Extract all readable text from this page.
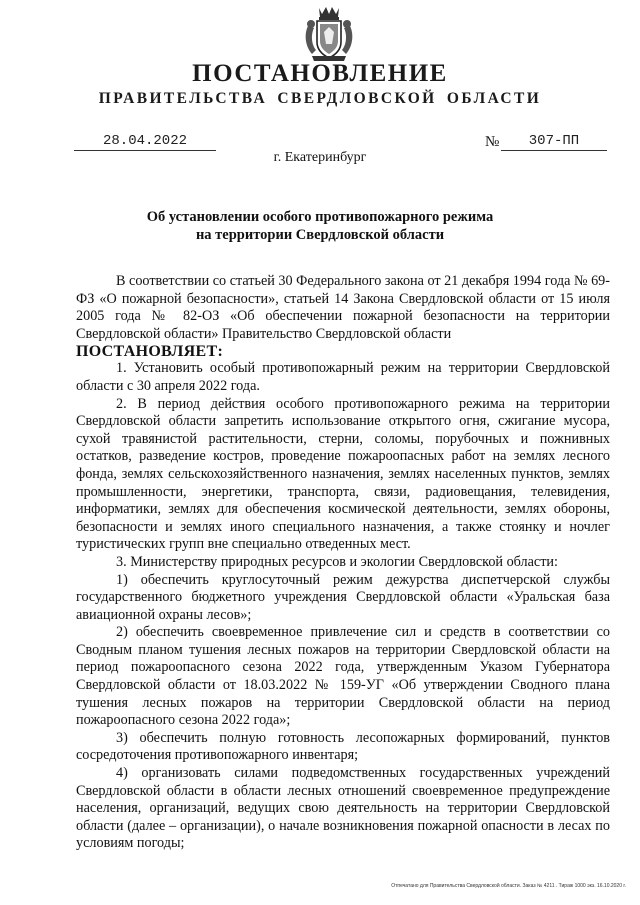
ПОСТАНОВЛЕНИЕ
ПРАВИТЕЛЬСТВА СВЕРДЛОВСКОЙ ОБЛАСТИ
28.04.2022	№	307-ПП
г. Екатеринбург
Об установлении особого противопожарного режима
на территории Свердловской области

В соответствии со статьей 30 Федерального закона от 21 декабря 1994 года № 69-ФЗ «О пожарной безопасности», статьей 14 Закона Свердловской области от 15 июля 2005 года № 82-ОЗ «Об обеспечении пожарной безопасности на территории Свердловской области» Правительство Свердловской области

ПОСТАНОВЛЯЕТ:

1. Установить особый противопожарный режим на территории Свердловской области с 30 апреля 2022 года.

2. В период действия особого противопожарного режима на территории Свердловской области запретить использование открытого огня, сжигание мусора, сухой травянистой растительности, стерни, соломы, порубочных и пожнивных остатков, разведение костров, проведение пожароопасных работ на землях лесного фонда, землях сельскохозяйственного назначения, землях населенных пунктов, землях промышленности, энергетики, транспорта, связи, радиовещания, телевидения, информатики, землях для обеспечения космической деятельности, землях обороны, безопасности и землях иного специального назначения, а также стоянку и ночлег туристических групп вне специально отведенных мест.

3. Министерству природных ресурсов и экологии Свердловской области:

1) обеспечить круглосуточный режим дежурства диспетчерской службы государственного бюджетного учреждения Свердловской области «Уральская база авиационной охраны лесов»;

2) обеспечить своевременное привлечение сил и средств в соответствии со Сводным планом тушения лесных пожаров на территории Свердловской области на период пожароопасного сезона 2022 года, утвержденным Указом Губернатора Свердловской области от 18.03.2022 № 159-УГ «Об утверждении Сводного плана тушения лесных пожаров на территории Свердловской области на период пожароопасного сезона 2022 года»;

3) обеспечить полную готовность лесопожарных формирований, пунктов сосредоточения противопожарного инвентаря;

4) организовать силами подведомственных государственных учреждений Свердловской области в области лесных отношений своевременное предупреждение населения, организаций, ведущих свою деятельность на территории Свердловской области (далее – организации), о начале возникновения пожарной опасности в лесах по условиям погоды;

Отпечатано для Правительства Свердловской области. Заказ № 4211 . Тираж 1000 экз. 16.10.2020 г.
